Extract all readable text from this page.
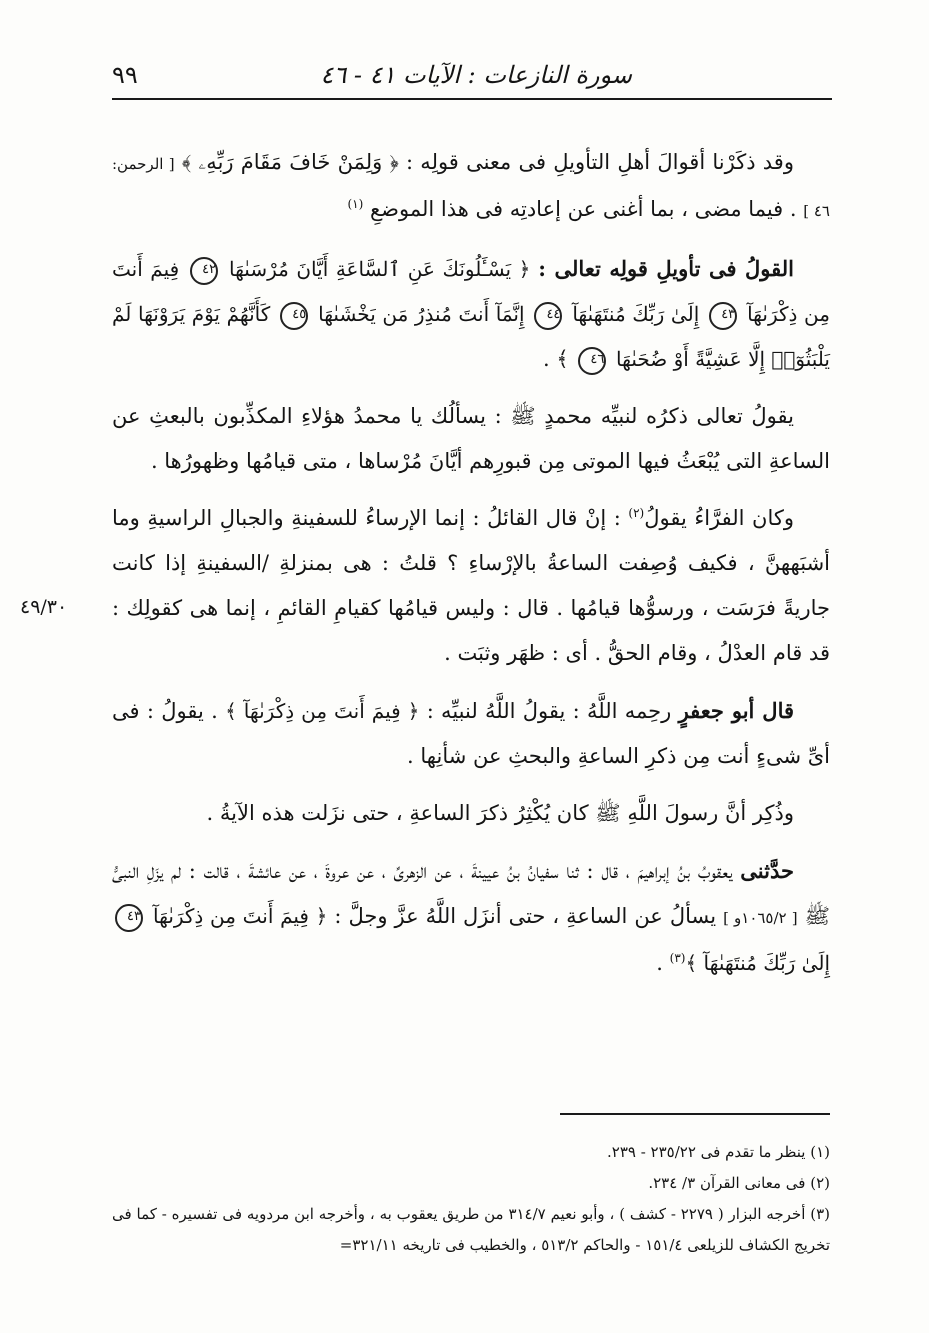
سورة النازعات : الآيات ٤١ - ٤٦
٩٩
٤٩/٣٠

وقد ذكَرْنا أقوالَ أهلِ التأويلِ فى معنى قولِه : ﴿ وَلِمَنْ خَافَ مَقَامَ رَبِّهِۦ ﴾ [ الرحمن: ٤٦ ] . فيما مضى ، بما أغنى عن إعادتِه فى هذا الموضعِ $^{(١)}$

القولُ فى تأويلِ قولِه تعالى : ﴿ يَسْـَٔلُونَكَ عَنِ ٱلسَّاعَةِ أَيَّانَ مُرْسَىٰهَا ٤٢ فِيمَ أَنتَ مِن ذِكْرَىٰهَآ ٤٣ إِلَىٰ رَبِّكَ مُنتَهَىٰهَآ ٤٤ إِنَّمَآ أَنتَ مُنذِرُ مَن يَخْشَىٰهَا ٤٥ كَأَنَّهُمْ يَوْمَ يَرَوْنَهَا لَمْ يَلْبَثُوٓا۟ إِلَّا عَشِيَّةً أَوْ ضُحَىٰهَا ٤٦ ﴾ .

يقولُ تعالى ذكرُه لنبيِّه محمدٍ ﷺ : يسألُك يا محمدُ هؤلاءِ المكذِّبون بالبعثِ عن الساعةِ التى يُبْعَثُ فيها الموتى مِن قبورِهم أيَّانَ مُرْساها ، متى قيامُها وظهورُها .

وكان الفرَّاءُ يقولُ$^{(٢)}$ : إنْ قال القائلُ : إنما الإرساءُ للسفينةِ والجبالِ الراسيةِ وما أشبَههنَّ ، فكيف وُصِفت الساعةُ بالإرْساءِ ؟ قلتُ : هى بمنزلةِ /السفينةِ إذا كانت جاريةً فرَسَت ، ورسوُّها قيامُها . قال : وليس قيامُها كقيامِ القائمِ ، إنما هى كقولِك : قد قام العدْلُ ، وقام الحقُّ . أى : ظهَر وثبَت .

قال أبو جعفرٍ رحِمه اللَّهُ : يقولُ اللَّهُ لنبيِّه : ﴿ فِيمَ أَنتَ مِن ذِكْرَىٰهَآ ﴾ . يقولُ : فى أىِّ شىءٍ أنت مِن ذكرِ الساعةِ والبحثِ عن شأنِها .

وذُكِر أنَّ رسولَ اللَّهِ ﷺ كان يُكْثِرُ ذكرَ الساعةِ ، حتى نزَلت هذه الآيةُ .

حدَّثنى يعقوبُ بنُ إبراهيمَ ، قال : ثنا سفيانُ بنُ عيينةَ ، عن الزهرىِّ ، عن عروةَ ، عن عائشةَ ، قالت : لم يزَلِ النبىُّ ﷺ [ ١٠٦٥/٢و ] يسألُ عن الساعةِ ، حتى أنزَل اللَّهُ عزَّ وجلَّ : ﴿ فِيمَ أَنتَ مِن ذِكْرَىٰهَآ ٤٣ إِلَىٰ رَبِّكَ مُنتَهَىٰهَآ ﴾$^{(٣)}$ .

(١) ينظر ما تقدم فى ٢٣٥/٢٢ - ٢٣٩.

(٢) فى معانى القرآن ٣/ ٢٣٤.

(٣) أخرجه البزار ( ٢٢٧٩ - كشف ) ، وأبو نعيم ٣١٤/٧ من طريق يعقوب به ، وأخرجه ابن مردويه فى تفسيره - كما فى تخريج الكشاف للزيلعى ١٥١/٤ - والحاكم ٥١٣/٢ ، والخطيب فى تاريخه ٣٢١/١١=
